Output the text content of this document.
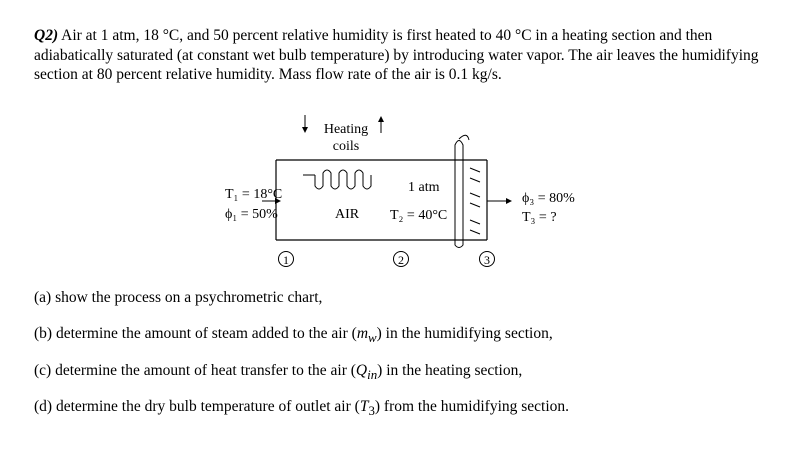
Q2) Air at 1 atm, 18 °C, and 50 percent relative humidity is first heated to 40 °C in a heating section and then adiabatically saturated (at constant wet bulb temperature) by introducing water vapor. The air leaves the humidifying section at 80 percent relative humidity. Mass flow rate of the air is 0.1 kg/s.

Heating
coils
T₁ = 18°C
ϕ₁ = 50%
1 atm
AIR T₂ = 40°C
ϕ₃ = 80%
T₃ = ?
1	2	3
(a) show the process on a psychrometric chart,
(b) determine the amount of steam added to the air $(m_w)$ in the humidifying section,
(c) determine the amount of heat transfer to the air $(Q_{in})$ in the heating section,
(d) determine the dry bulb temperature of outlet air $(T_3)$ from the humidifying section.
